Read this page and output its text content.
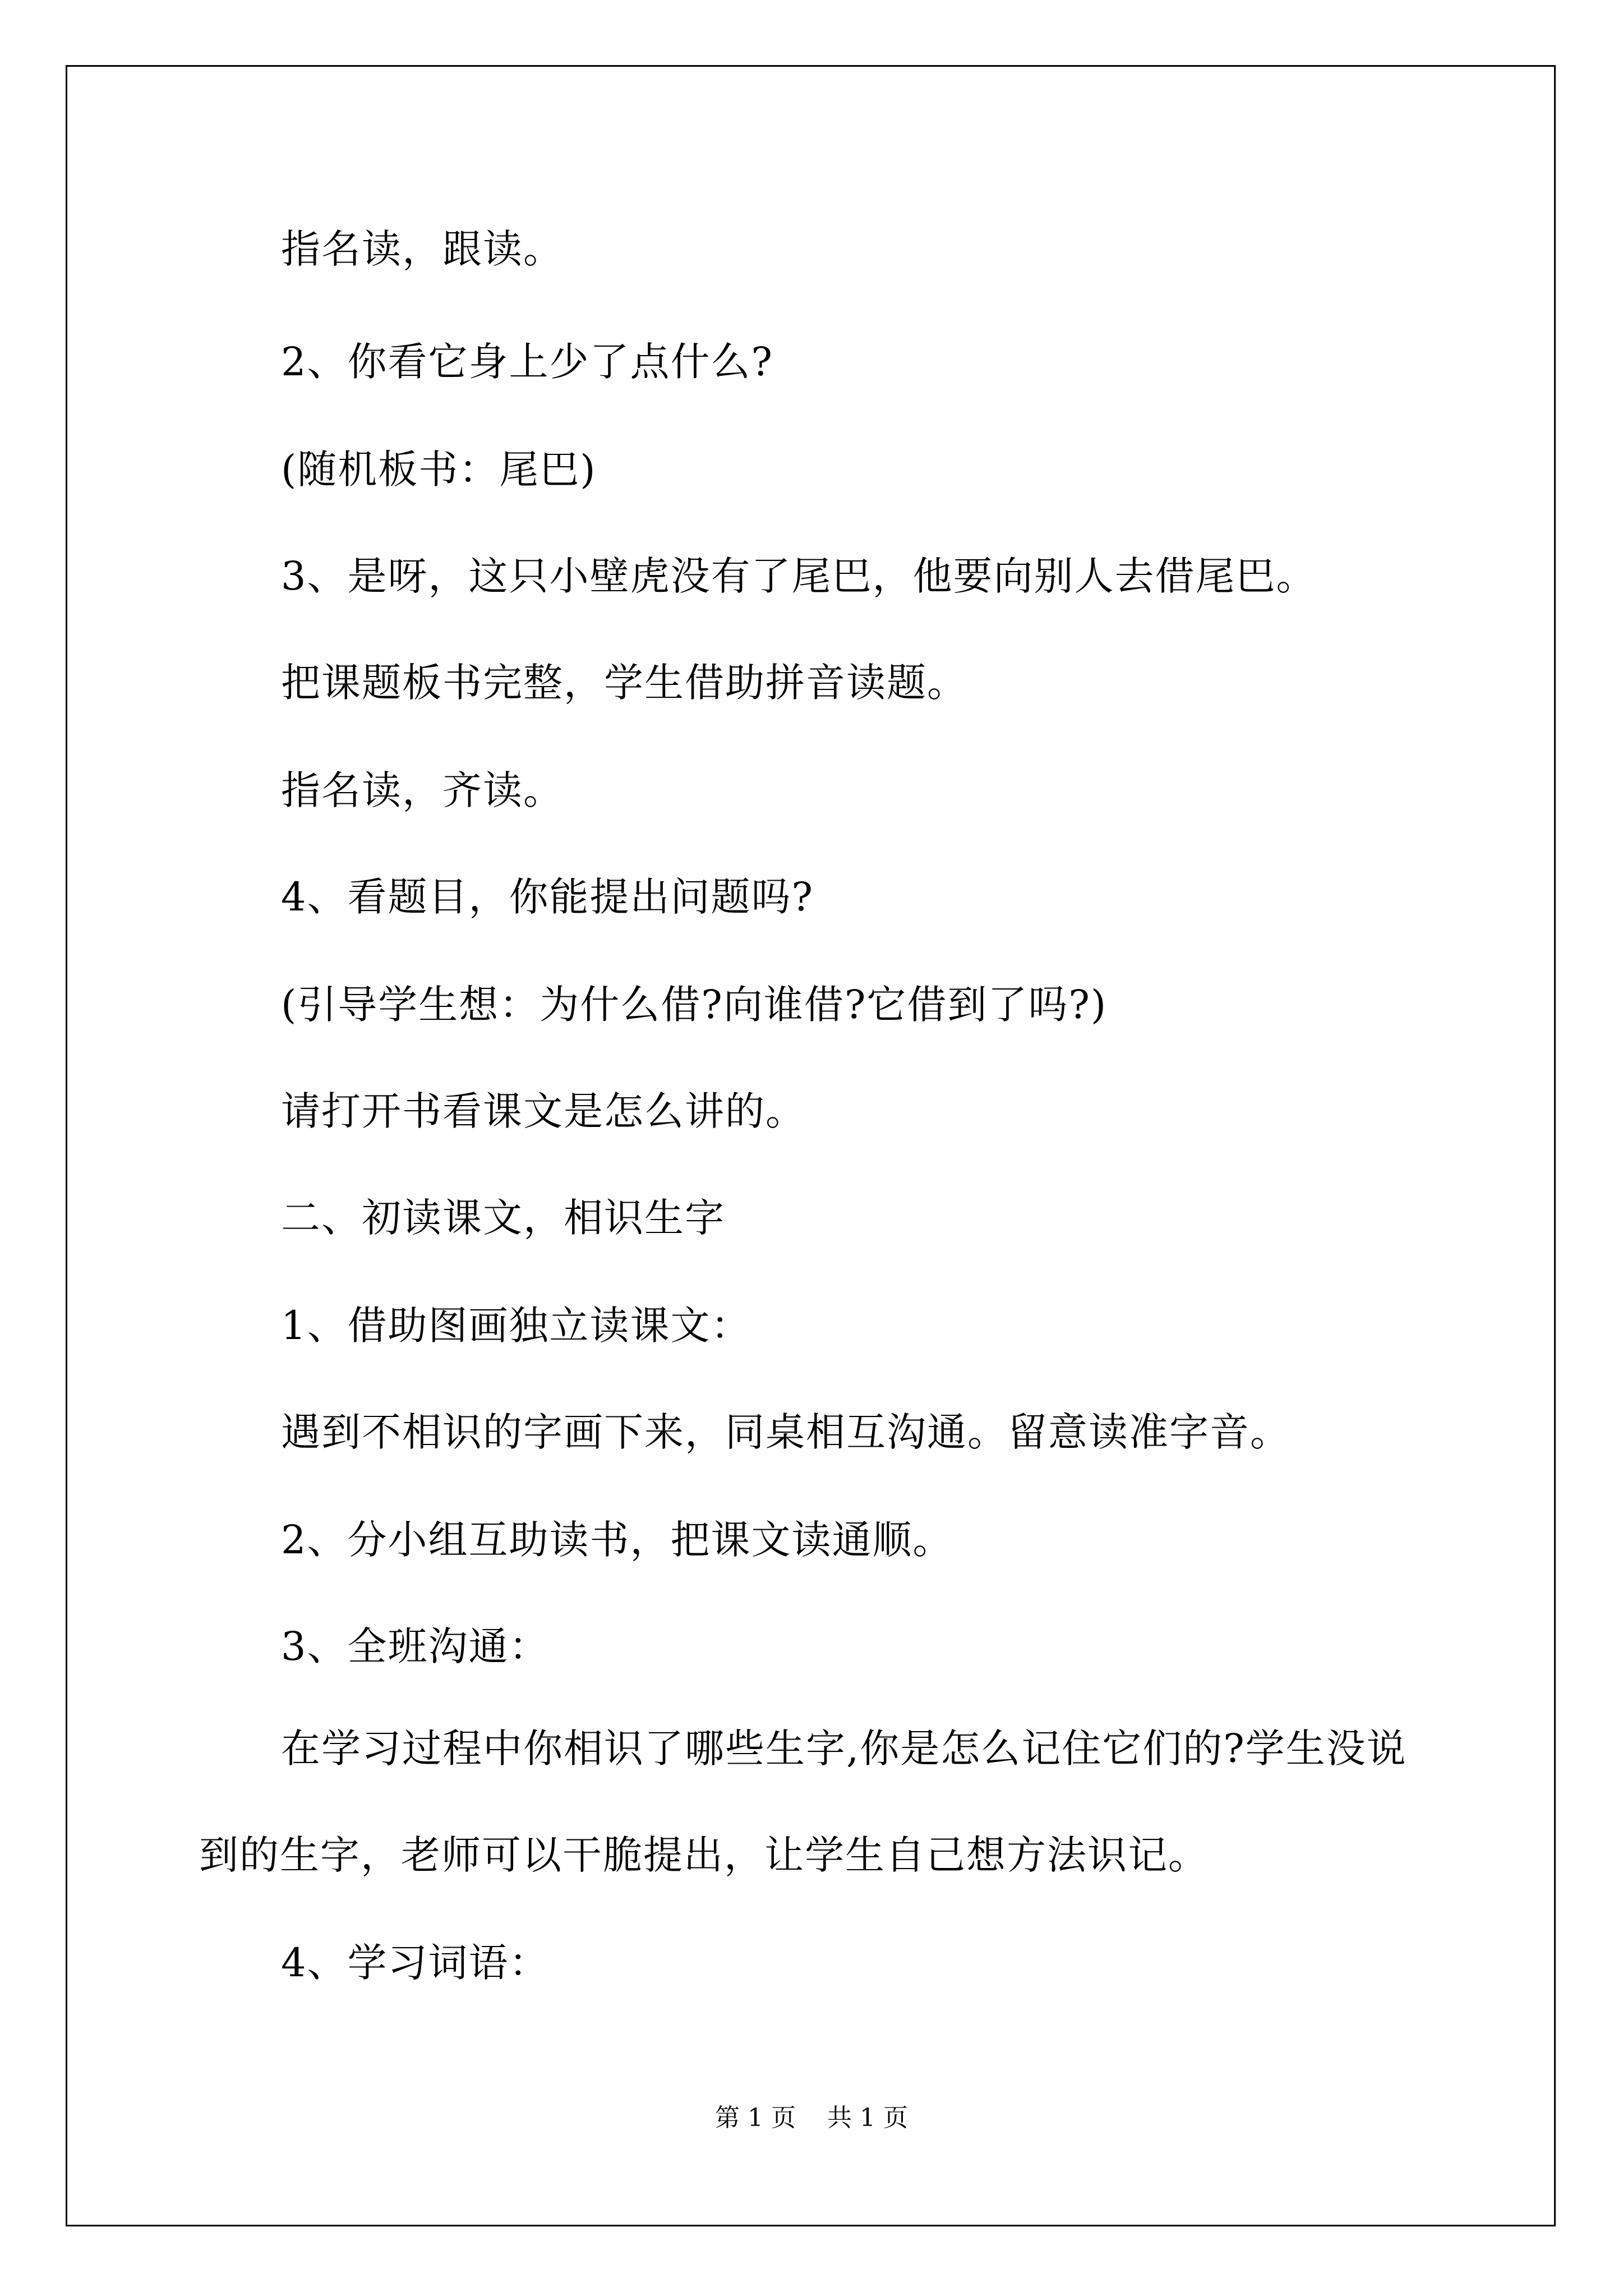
指名读，跟读。

2、你看它身上少了点什么?

(随机板书：尾巴)

3、是呀，这只小壁虎没有了尾巴，他要向别人去借尾巴。

把课题板书完整，学生借助拼音读题。

指名读，齐读。

4、看题目，你能提出问题吗?

(引导学生想：为什么借?向谁借?它借到了吗?)

请打开书看课文是怎么讲的。

二、初读课文，相识生字

1、借助图画独立读课文：

遇到不相识的字画下来，同桌相互沟通。留意读准字音。

2、分小组互助读书，把课文读通顺。

3、全班沟通：

在学习过程中你相识了哪些生字,你是怎么记住它们的?学生没说

到的生字，老师可以干脆提出，让学生自己想方法识记。

4、学习词语：

第 1 页    共 1 页
